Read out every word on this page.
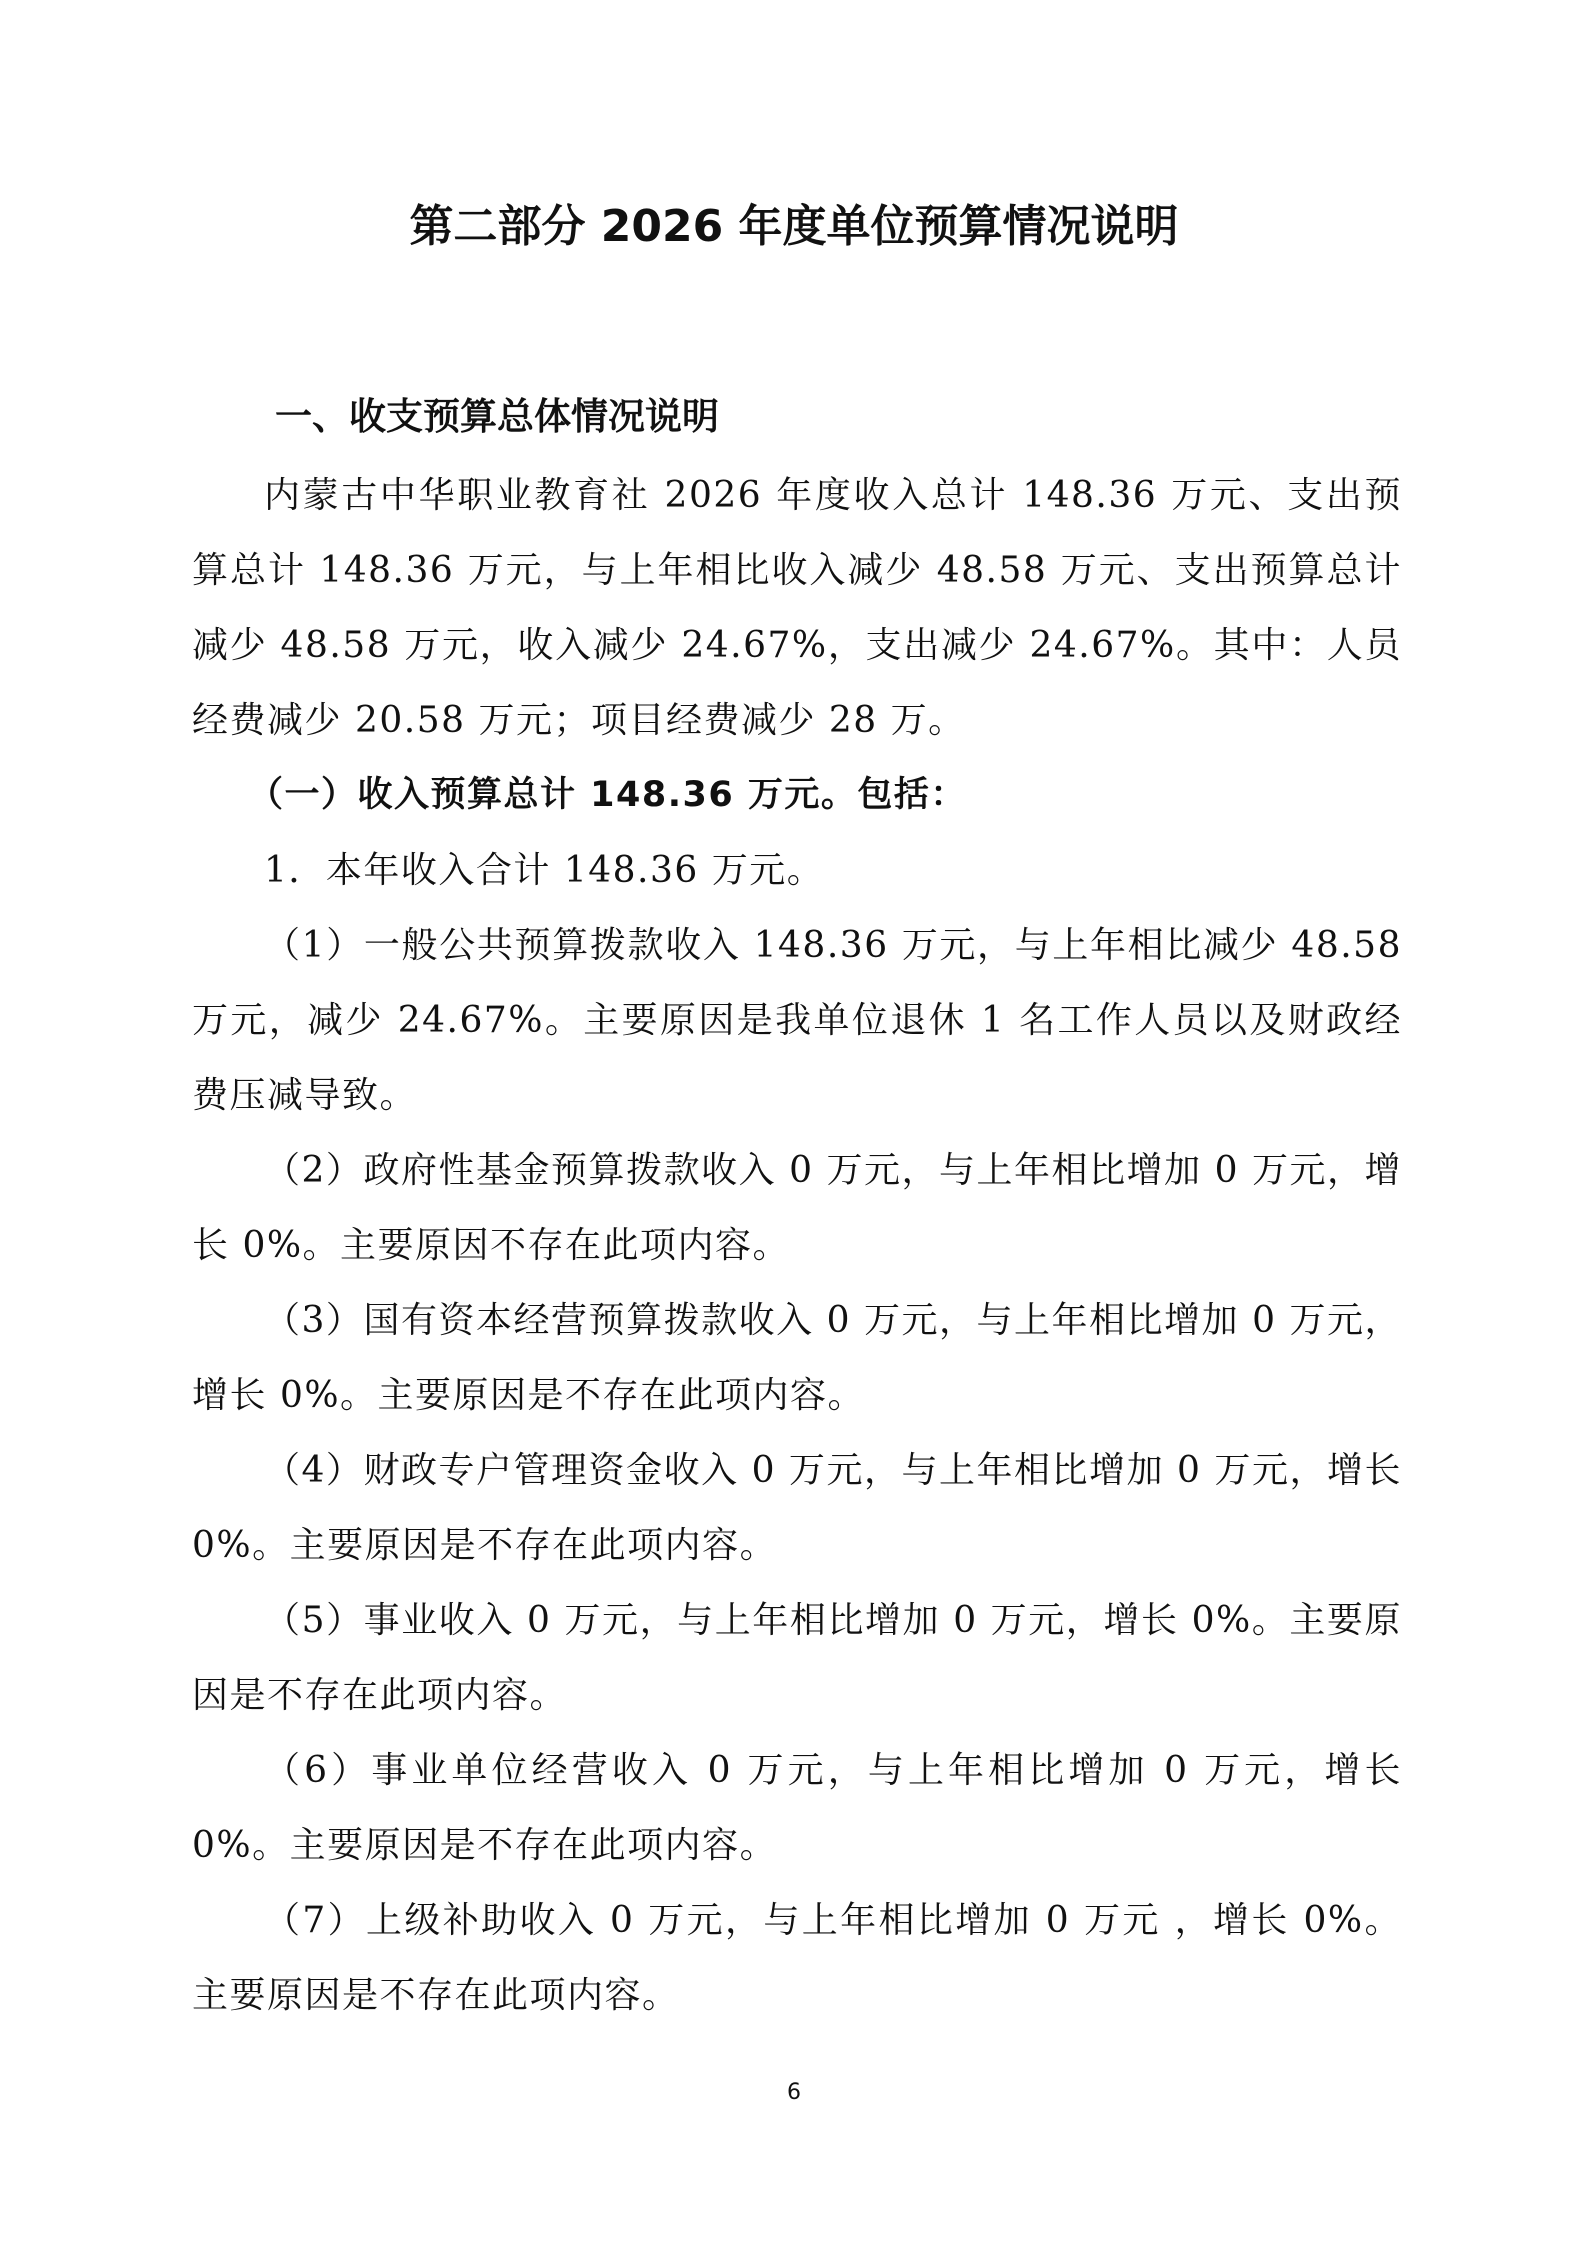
第二部分 2026 年度单位预算情况说明
一、收支预算总体情况说明

内蒙古中华职业教育社 2026 年度收入总计 148.36 万元、支出预算总计 148.36 万元，与上年相比收入减少 48.58 万元、支出预算总计减少 48.58 万元，收入减少 24.67%，支出减少 24.67%。其中：人员经费减少 20.58 万元；项目经费减少 28 万。

（一）收入预算总计 148.36 万元。包括：

1．本年收入合计 148.36 万元。

（1）一般公共预算拨款收入 148.36 万元，与上年相比减少 48.58 万元，减少 24.67%。主要原因是我单位退休 1 名工作人员以及财政经费压减导致。

（2）政府性基金预算拨款收入 0 万元，与上年相比增加 0 万元，增长 0%。主要原因不存在此项内容。

（3）国有资本经营预算拨款收入 0 万元，与上年相比增加 0 万元，增长 0%。主要原因是不存在此项内容。

（4）财政专户管理资金收入 0 万元，与上年相比增加 0 万元，增长 0%。主要原因是不存在此项内容。

（5）事业收入 0 万元，与上年相比增加 0 万元，增长 0%。主要原因是不存在此项内容。

（6）事业单位经营收入 0 万元，与上年相比增加 0 万元，增长 0%。主要原因是不存在此项内容。

（7）上级补助收入 0 万元，与上年相比增加 0 万元 ，增长 0%。主要原因是不存在此项内容。

6
